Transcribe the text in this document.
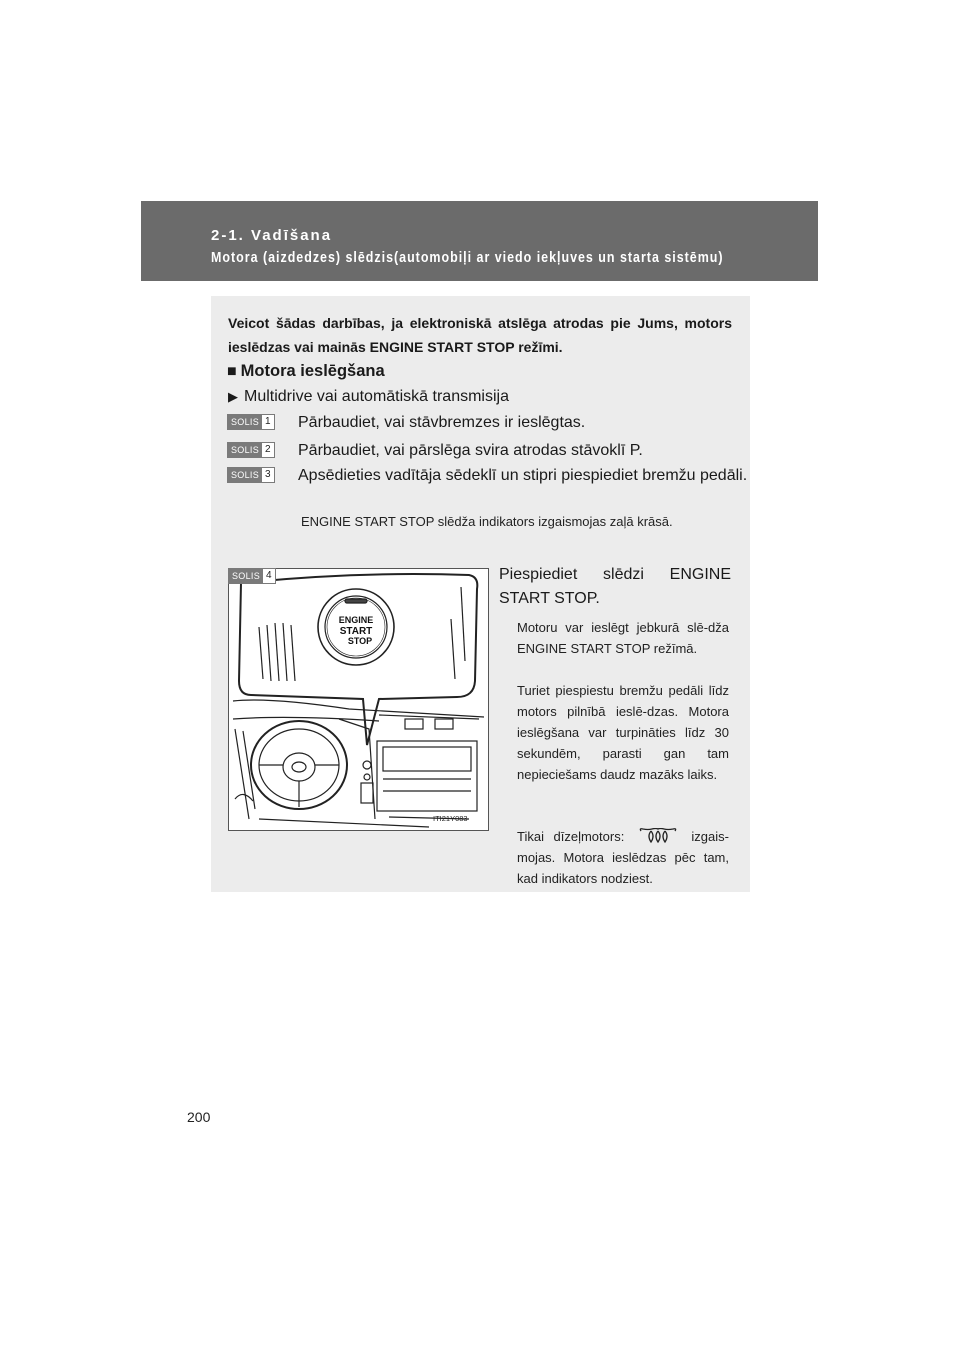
2-1. Vadīšana
Motora (aizdedzes) slēdzis(automobiļi ar viedo iekļuves un starta sistēmu)
Veicot šādas darbības, ja elektroniskā atslēga atrodas pie Jums, motors ieslēdzas vai mainās ENGINE START STOP režīmi.
■ Motora ieslēgšana
▶ Multidrive vai automātiskā transmisija
SOLIS 1 Pārbaudiet, vai stāvbremzes ir ieslēgtas.
SOLIS 2 Pārbaudiet, vai pārslēga svira atrodas stāvoklī P.
SOLIS 3 Apsēdieties vadītāja sēdeklī un stipri piespiediet bremžu pedāli.
ENGINE START STOP slēdža indikators izgaismojas zaļā krāsā.
ENGINE
START
STOP
ITI21Y083
SOLIS 4	Piespiediet slēdzi ENGINE
START STOP.
Motoru var ieslēgt jebkurā slē-dža ENGINE START STOP režīmā.
Turiet piespiestu bremžu pedāli līdz motors pilnībā ieslē-dzas. Motora ieslēgšana var turpināties līdz 30 sekundēm, parasti gan tam nepieciešams daudz mazāks laiks.
Tikai dīzeļmotors:	izgais-mojas. Motora ieslēdzas pēc tam, kad indikators nodziest.
200
